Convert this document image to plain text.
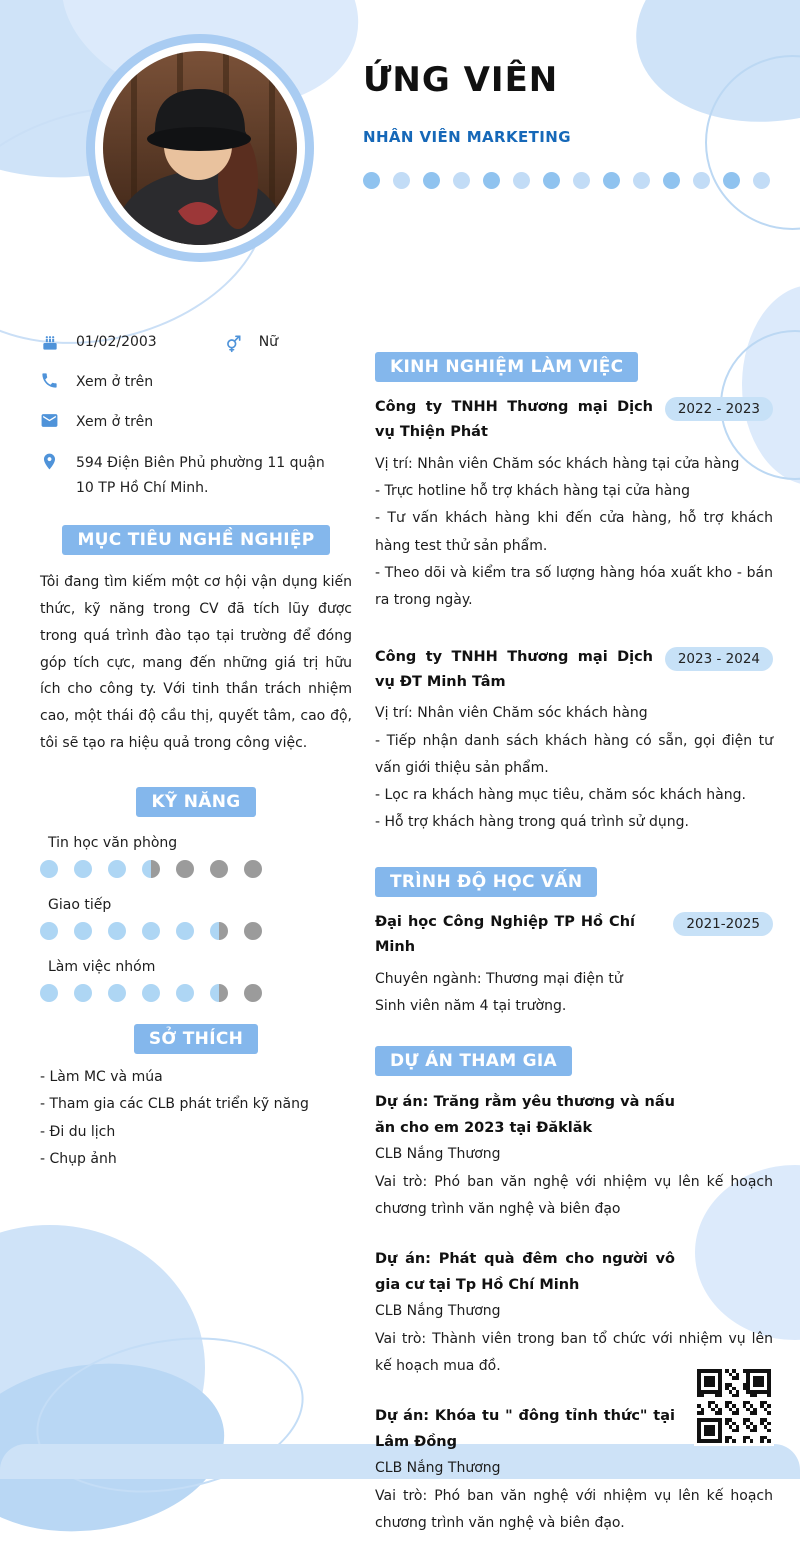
ỨNG VIÊN
NHÂN VIÊN MARKETING
01/02/2003	Nữ
Xem ở trên
Xem ở trên
594 Điện Biên Phủ phường 11 quận 10 TP Hồ Chí Minh.
MỤC TIÊU NGHỀ NGHIỆP

Tôi đang tìm kiếm một cơ hội vận dụng kiến thức, kỹ năng trong CV đã tích lũy được trong quá trình đào tạo tại trường để đóng góp tích cực, mang đến những giá trị hữu ích cho công ty. Với tinh thần trách nhiệm cao, một thái độ cầu thị, quyết tâm, cao độ, tôi sẽ tạo ra hiệu quả trong công việc.

KỸ NĂNG
Tin học văn phòng
Giao tiếp
Làm việc nhóm
SỞ THÍCH
- Làm MC và múa
- Tham gia các CLB phát triển kỹ năng
- Đi du lịch
- Chụp ảnh
KINH NGHIỆM LÀM VIỆC
Công ty TNHH Thương mại Dịch vụ Thiện Phát
2022 - 2023
Vị trí: Nhân viên Chăm sóc khách hàng tại cửa hàng
- Trực hotline hỗ trợ khách hàng tại cửa hàng
- Tư vấn khách hàng khi đến cửa hàng, hỗ trợ khách hàng test thử sản phẩm.
- Theo dõi và kiểm tra số lượng hàng hóa xuất kho - bán ra trong ngày.
Công ty TNHH Thương mại Dịch vụ ĐT Minh Tâm
2023 - 2024
Vị trí: Nhân viên Chăm sóc khách hàng
- Tiếp nhận danh sách khách hàng có sẵn, gọi điện tư vấn giới thiệu sản phẩm.
- Lọc ra khách hàng mục tiêu, chăm sóc khách hàng.
- Hỗ trợ khách hàng trong quá trình sử dụng.
TRÌNH ĐỘ HỌC VẤN
Đại học Công Nghiệp TP Hồ Chí Minh
2021-2025
Chuyên ngành: Thương mại điện tử
Sinh viên năm 4 tại trường.
DỰ ÁN THAM GIA
Dự án: Trăng rằm yêu thương và nấu ăn cho em 2023 tại Đăklăk
CLB Nắng Thương
Vai trò: Phó ban văn nghệ với nhiệm vụ lên kế hoạch chương trình văn nghệ và biên đạo
Dự án: Phát quà đêm cho người vô gia cư tại Tp Hồ Chí Minh
CLB Nắng Thương
Vai trò: Thành viên trong ban tổ chức với nhiệm vụ lên kế hoạch mua đồ.
Dự án: Khóa tu " đông tỉnh thức" tại Lâm Đồng
CLB Nắng Thương
Vai trò: Phó ban văn nghệ với nhiệm vụ lên kế hoạch chương trình văn nghệ và biên đạo.
